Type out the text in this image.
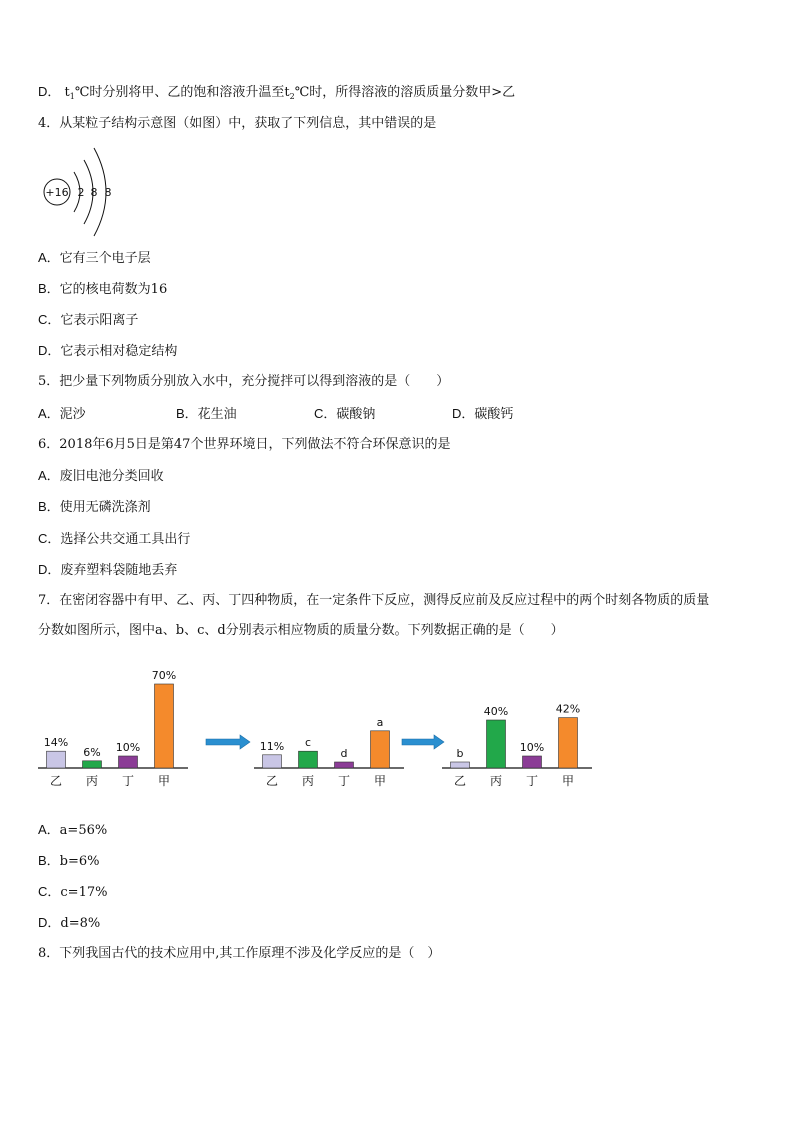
D． $t_1℃$时分别将甲、乙的饱和溶液升温至$t_2℃$时，所得溶液的溶质质量分数甲>乙
4．从某粒子结构示意图（如图）中，获取了下列信息，其中错误的是
+16 2 8 8
A．它有三个电子层
B．它的核电荷数为16
C．它表示阳离子
D．它表示相对稳定结构
5．把少量下列物质分别放入水中，充分搅拌可以得到溶液的是（　　）
A．泥沙	B．花生油	C．碳酸钠	D．碳酸钙
6．2018年6月5日是第47个世界环境日，下列做法不符合环保意识的是
A．废旧电池分类回收
B．使用无磷洗涤剂
C．选择公共交通工具出行
D．废弃塑料袋随地丢弃
7．在密闭容器中有甲、乙、丙、丁四种物质，在一定条件下反应，测得反应前及反应过程中的两个时刻各物质的质量
分数如图所示，图中a、b、c、d分别表示相应物质的质量分数。下列数据正确的是（　　）
14%
乙
6%
丙
10%
丁
70%
甲
11%
乙
c
丙
d
丁
a
甲
b
乙
40%
丙
10%
丁
42%
甲
A．a=56%
B．b=6%
C．c=17%
D．d=8%
8．下列我国古代的技术应用中,其工作原理不涉及化学反应的是（　）
